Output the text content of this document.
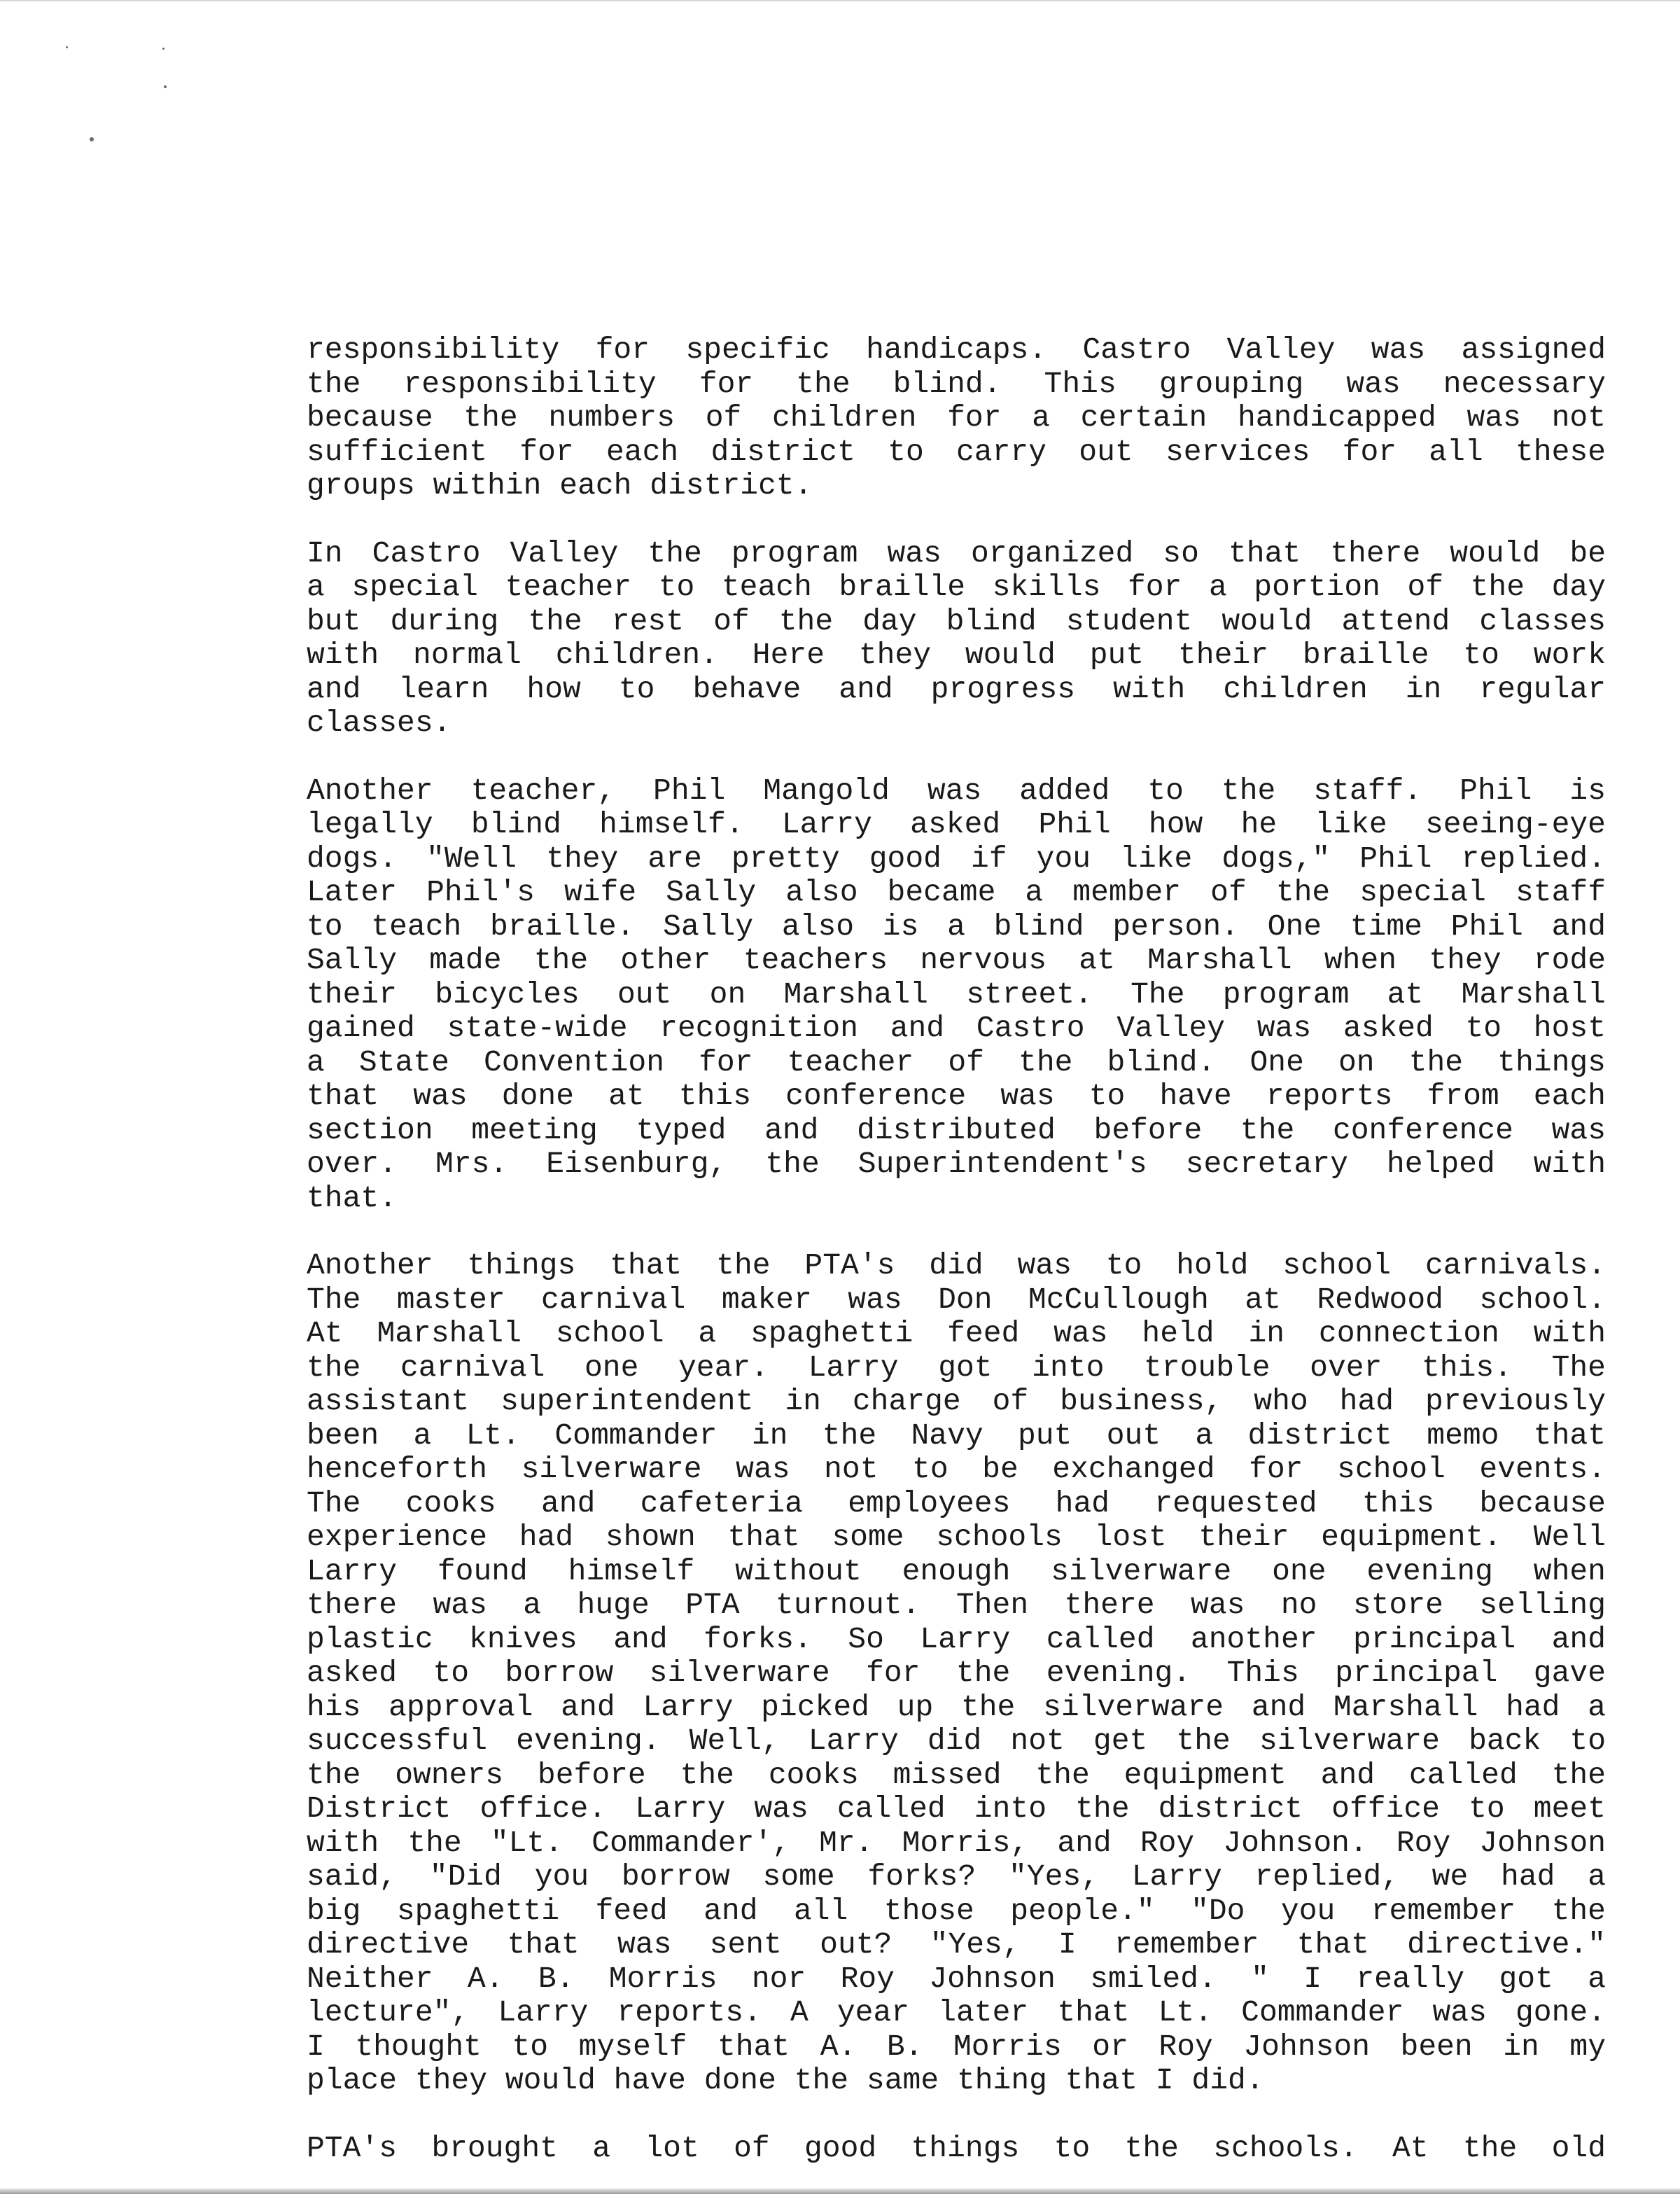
responsibility for specific handicaps. Castro Valley was assigned
the responsibility for the blind. This grouping was necessary
because the numbers of children for a certain handicapped was not
sufficient for each district to carry out services for all these
groups within each district.
In Castro Valley the program was organized so that there would be
a special teacher to teach braille skills for a portion of the day
but during the rest of the day blind student would attend classes
with normal children. Here they would put their braille to work
and learn how to behave and progress with children in regular
classes.
Another teacher, Phil Mangold was added to the staff. Phil is
legally blind himself. Larry asked Phil how he like seeing-eye
dogs. "Well they are pretty good if you like dogs," Phil replied.
Later Phil's wife Sally also became a member of the special staff
to teach braille. Sally also is a blind person. One time Phil and
Sally made the other teachers nervous at Marshall when they rode
their bicycles out on Marshall street. The program at Marshall
gained state-wide recognition and Castro Valley was asked to host
a State Convention for teacher of the blind. One on the things
that was done at this conference was to have reports from each
section meeting typed and distributed before the conference was
over. Mrs. Eisenburg, the Superintendent's secretary helped with
that.
Another things that the PTA's did was to hold school carnivals.
The master carnival maker was Don McCullough at Redwood school.
At Marshall school a spaghetti feed was held in connection with
the carnival one year. Larry got into trouble over this. The
assistant superintendent in charge of business, who had previously
been a Lt. Commander in the Navy put out a district memo that
henceforth silverware was not to be exchanged for school events.
The cooks and cafeteria employees had requested this because
experience had shown that some schools lost their equipment. Well
Larry found himself without enough silverware one evening when
there was a huge PTA turnout. Then there was no store selling
plastic knives and forks. So Larry called another principal and
asked to borrow silverware for the evening. This principal gave
his approval and Larry picked up the silverware and Marshall had a
successful evening. Well, Larry did not get the silverware back to
the owners before the cooks missed the equipment and called the
District office. Larry was called into the district office to meet
with the "Lt. Commander', Mr. Morris, and Roy Johnson. Roy Johnson
said, "Did you borrow some forks? "Yes, Larry replied, we had a
big spaghetti feed and all those people." "Do you remember the
directive that was sent out? "Yes, I remember that directive."
Neither A. B. Morris nor Roy Johnson smiled. " I really got a
lecture", Larry reports. A year later that Lt. Commander was gone.
I thought to myself that A. B. Morris or Roy Johnson been in my
place they would have done the same thing that I did.
PTA's brought a lot of good things to the schools. At the old
